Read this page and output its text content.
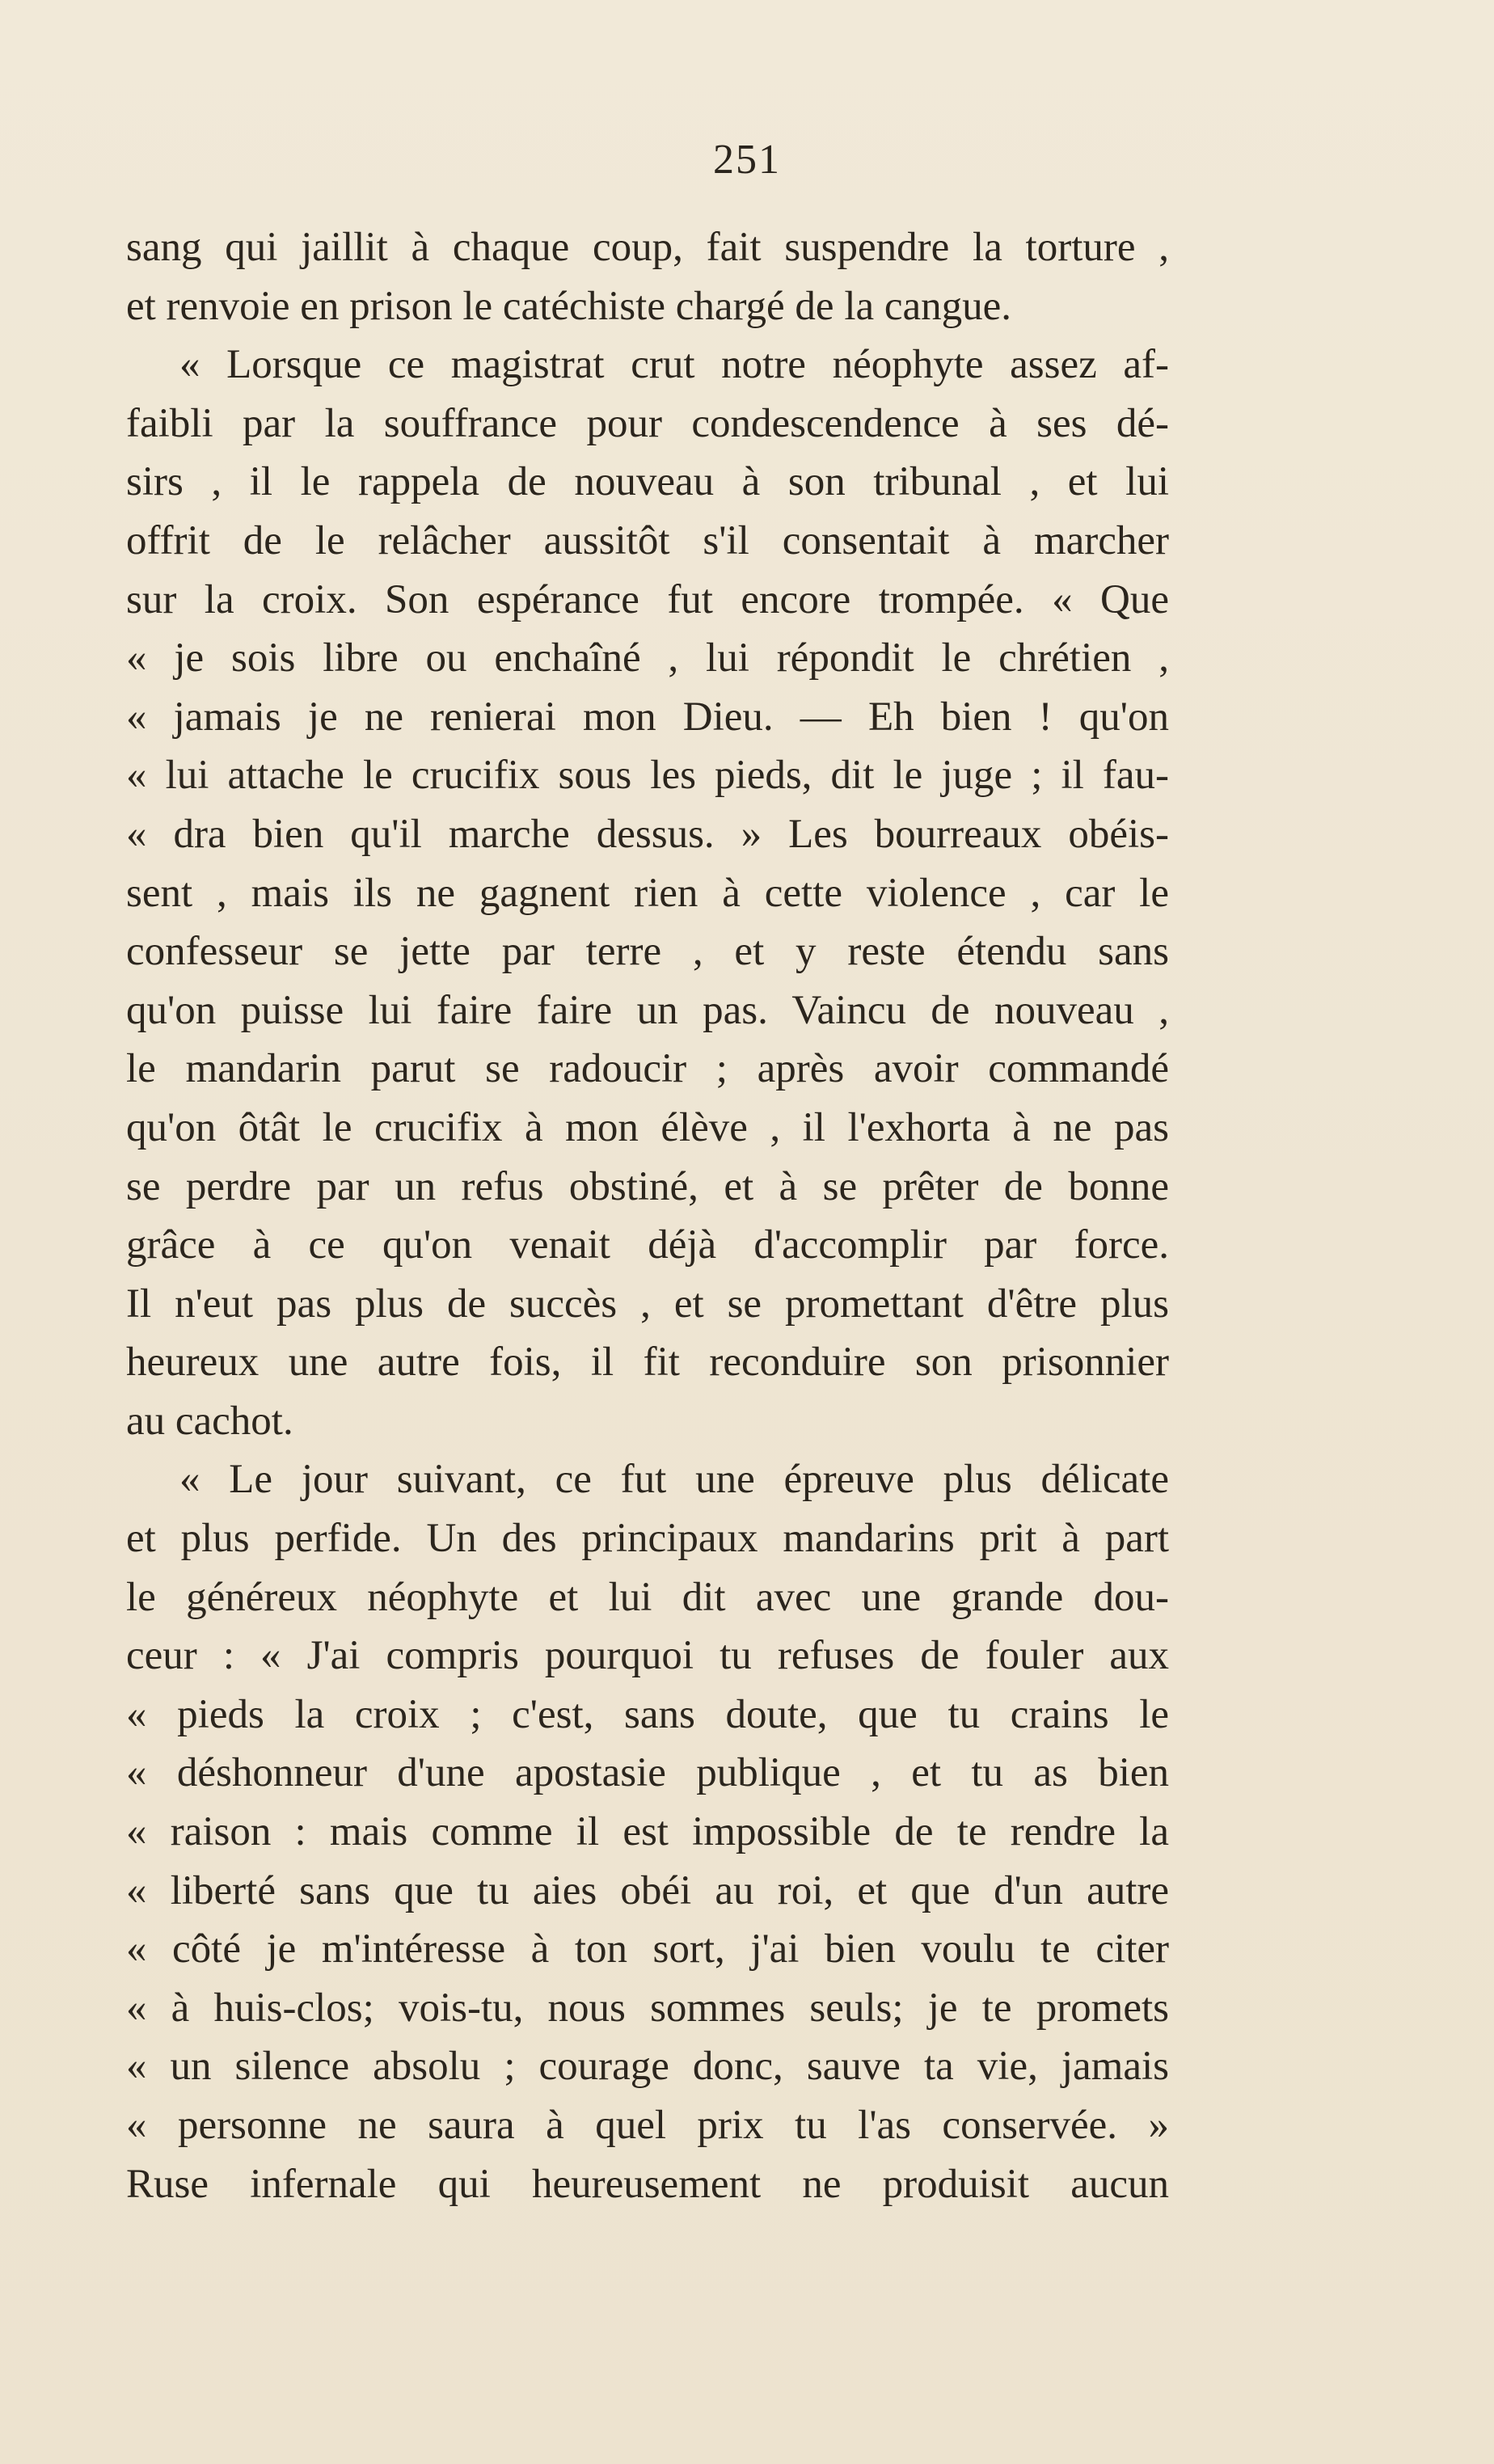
251
sang qui jaillit à chaque coup, fait suspendre la torture ,
et renvoie en prison le catéchiste chargé de la cangue.
« Lorsque ce magistrat crut notre néophyte assez af-
faibli par la souffrance pour condescendence à ses dé-
sirs , il le rappela de nouveau à son tribunal , et lui
offrit de le relâcher aussitôt s'il consentait à marcher
sur la croix. Son espérance fut encore trompée. « Que
« je sois libre ou enchaîné , lui répondit le chrétien ,
« jamais je ne renierai mon Dieu. — Eh bien ! qu'on
« lui attache le crucifix sous les pieds, dit le juge ; il fau-
« dra bien qu'il marche dessus. » Les bourreaux obéis-
sent , mais ils ne gagnent rien à cette violence , car le
confesseur se jette par terre , et y reste étendu sans
qu'on puisse lui faire faire un pas. Vaincu de nouveau ,
le mandarin parut se radoucir ; après avoir commandé
qu'on ôtât le crucifix à mon élève , il l'exhorta à ne pas
se perdre par un refus obstiné, et à se prêter de bonne
grâce à ce qu'on venait déjà d'accomplir par force.
Il n'eut pas plus de succès , et se promettant d'être plus
heureux une autre fois, il fit reconduire son prisonnier
au cachot.
« Le jour suivant, ce fut une épreuve plus délicate
et plus perfide. Un des principaux mandarins prit à part
le généreux néophyte et lui dit avec une grande dou-
ceur : « J'ai compris pourquoi tu refuses de fouler aux
« pieds la croix ; c'est, sans doute, que tu crains le
« déshonneur d'une apostasie publique , et tu as bien
« raison : mais comme il est impossible de te rendre la
« liberté sans que tu aies obéi au roi, et que d'un autre
« côté je m'intéresse à ton sort, j'ai bien voulu te citer
« à huis-clos; vois-tu, nous sommes seuls; je te promets
« un silence absolu ; courage donc, sauve ta vie, jamais
« personne ne saura à quel prix tu l'as conservée. »
Ruse infernale qui heureusement ne produisit aucun
